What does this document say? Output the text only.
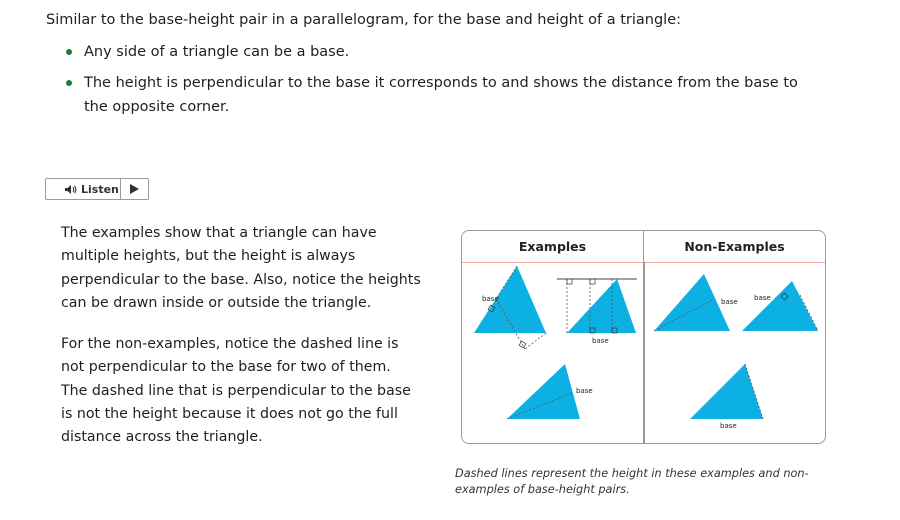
Similar to the base-height pair in a parallelogram, for the base and height of a triangle:
Any side of a triangle can be a base.
The height is perpendicular to the base it corresponds to and shows the distance from the base to the opposite corner.
Listen
The examples show that a triangle can have multiple heights, but the height is always perpendicular to the base. Also, notice the heights can be drawn inside or outside the triangle.
For the non-examples, notice the dashed line is not perpendicular to the base for two of them. The dashed line that is perpendicular to the base is not the height because it does not go the full distance across the triangle.
Examples	Non-Examples
base
base
base
base base
base
Dashed lines represent the height in these examples and non-examples of base-height pairs.
